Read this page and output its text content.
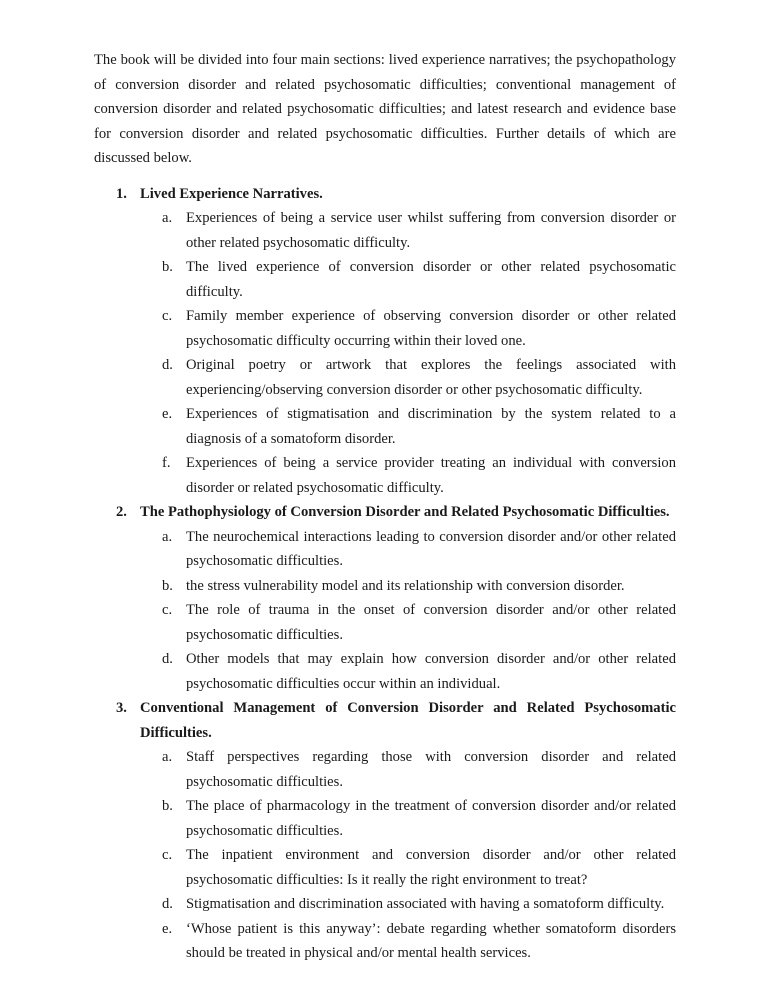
The book will be divided into four main sections: lived experience narratives; the psychopathology of conversion disorder and related psychosomatic difficulties; conventional management of conversion disorder and related psychosomatic difficulties; and latest research and evidence base for conversion disorder and related psychosomatic difficulties. Further details of which are discussed below.

1. Lived Experience Narratives.

a. Experiences of being a service user whilst suffering from conversion disorder or other related psychosomatic difficulty.

b. The lived experience of conversion disorder or other related psychosomatic difficulty.

c. Family member experience of observing conversion disorder or other related psychosomatic difficulty occurring within their loved one.

d. Original poetry or artwork that explores the feelings associated with experiencing/observing conversion disorder or other psychosomatic difficulty.

e. Experiences of stigmatisation and discrimination by the system related to a diagnosis of a somatoform disorder.

f. Experiences of being a service provider treating an individual with conversion disorder or related psychosomatic difficulty.

2. The Pathophysiology of Conversion Disorder and Related Psychosomatic Difficulties.

a. The neurochemical interactions leading to conversion disorder and/or other related psychosomatic difficulties.

b. the stress vulnerability model and its relationship with conversion disorder.

c. The role of trauma in the onset of conversion disorder and/or other related psychosomatic difficulties.

d. Other models that may explain how conversion disorder and/or other related psychosomatic difficulties occur within an individual.

3. Conventional Management of Conversion Disorder and Related Psychosomatic Difficulties.

a. Staff perspectives regarding those with conversion disorder and related psychosomatic difficulties.

b. The place of pharmacology in the treatment of conversion disorder and/or related psychosomatic difficulties.

c. The inpatient environment and conversion disorder and/or other related psychosomatic difficulties: Is it really the right environment to treat?

d. Stigmatisation and discrimination associated with having a somatoform difficulty.

e. ‘Whose patient is this anyway’: debate regarding whether somatoform disorders should be treated in physical and/or mental health services.
